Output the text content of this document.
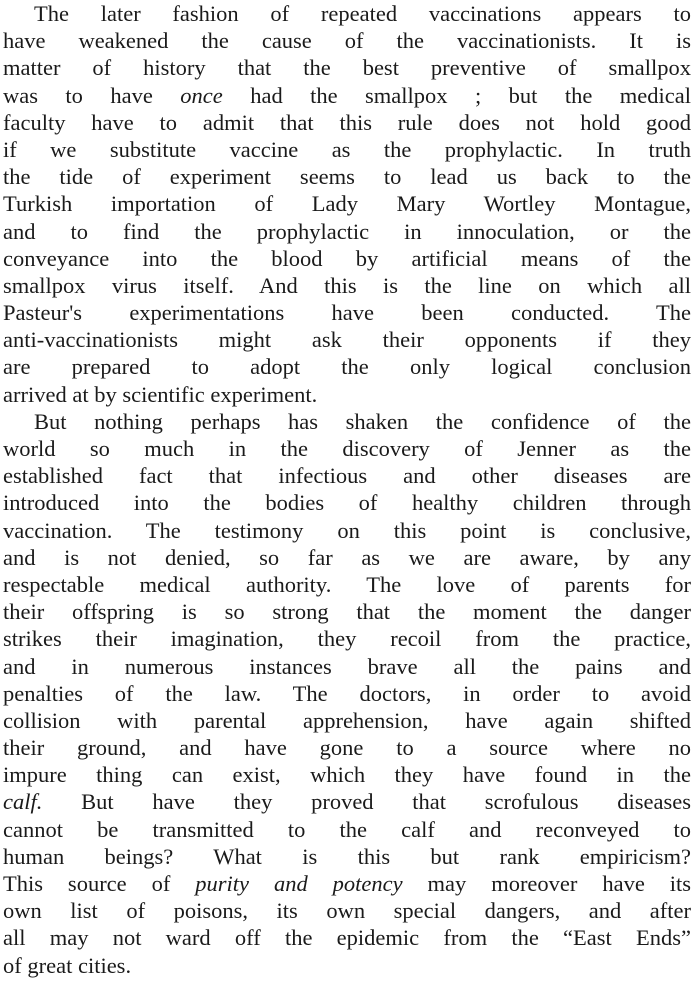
The later fashion of repeated vaccinations appears to
have weakened the cause of the vaccinationists. It is
matter of history that the best preventive of smallpox
was to have once had the smallpox ; but the medical
faculty have to admit that this rule does not hold good
if we substitute vaccine as the prophylactic. In truth
the tide of experiment seems to lead us back to the
Turkish importation of Lady Mary Wortley Montague,
and to find the prophylactic in innoculation, or the
conveyance into the blood by artificial means of the
smallpox virus itself. And this is the line on which all
Pasteur's experimentations have been conducted. The
anti-vaccinationists might ask their opponents if they
are prepared to adopt the only logical conclusion
arrived at by scientific experiment.
But nothing perhaps has shaken the confidence of the
world so much in the discovery of Jenner as the
established fact that infectious and other diseases are
introduced into the bodies of healthy children through
vaccination. The testimony on this point is conclusive,
and is not denied, so far as we are aware, by any
respectable medical authority. The love of parents for
their offspring is so strong that the moment the danger
strikes their imagination, they recoil from the practice,
and in numerous instances brave all the pains and
penalties of the law. The doctors, in order to avoid
collision with parental apprehension, have again shifted
their ground, and have gone to a source where no
impure thing can exist, which they have found in the
calf. But have they proved that scrofulous diseases
cannot be transmitted to the calf and reconveyed to
human beings? What is this but rank empiricism?
This source of purity and potency may moreover have its
own list of poisons, its own special dangers, and after
all may not ward off the epidemic from the “East Ends”
of great cities.
